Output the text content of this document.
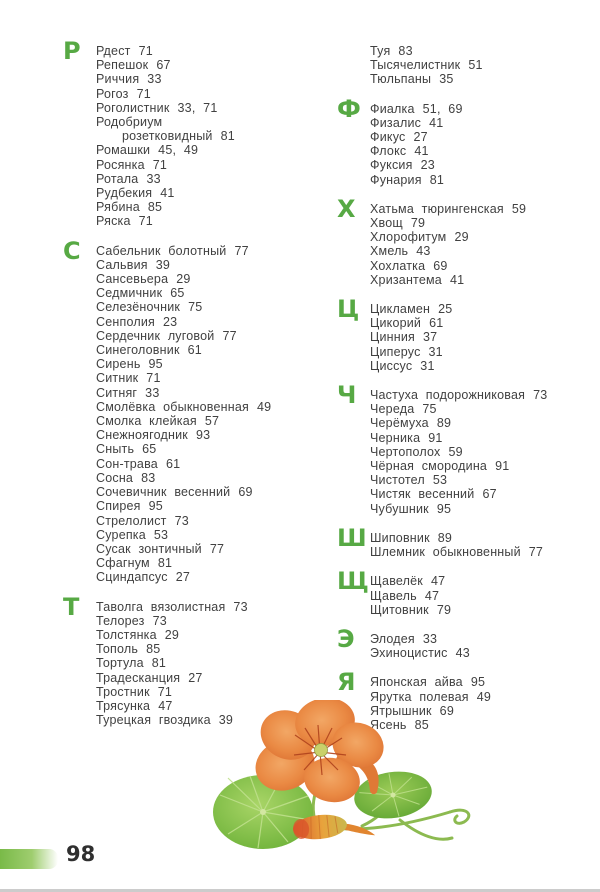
Р Рдест 71
Репешок 67
Риччия 33
Рогоз 71
Роголистник 33, 71
Родобриум
розетковидный 81
Ромашки 45, 49
Росянка 71
Ротала 33
Рудбекия 41
Рябина 85
Ряска 71
С Сабельник болотный 77
Сальвия 39
Сансевьера 29
Седмичник 65
Селезёночник 75
Сенполия 23
Сердечник луговой 77
Синеголовник 61
Сирень 95
Ситник 71
Ситняг 33
Смолёвка обыкновенная 49
Смолка клейкая 57
Снежноягодник 93
Сныть 65
Сон-трава 61
Сосна 83
Сочевичник весенний 69
Спирея 95
Стрелолист 73
Сурепка 53
Сусак зонтичный 77
Сфагнум 81
Сциндапсус 27
Т Таволга вязолистная 73
Телорез 73
Толстянка 29
Тополь 85
Тортула 81
Традесканция 27
Тростник 71
Трясунка 47
Турецкая гвоздика 39
Туя 83
Тысячелистник 51
Тюльпаны 35
Ф Фиалка 51, 69
Физалис 41
Фикус 27
Флокс 41
Фуксия 23
Фунария 81
Х Хатьма тюрингенская 59
Хвощ 79
Хлорофитум 29
Хмель 43
Хохлатка 69
Хризантема 41
Ц Цикламен 25
Цикорий 61
Цинния 37
Циперус 31
Циссус 31
Ч Частуха подорожниковая 73
Череда 75
Черёмуха 89
Черника 91
Чертополох 59
Чёрная смородина 91
Чистотел 53
Чистяк весенний 67
Чубушник 95
Ш Шиповник 89
Шлемник обыкновенный 77
Щ Щавелёк 47
Щавель 47
Щитовник 79
Э Элодея 33
Эхиноцистис 43
Я Японская айва 95
Ярутка полевая 49
Ятрышник 69
Ясень 85
98
